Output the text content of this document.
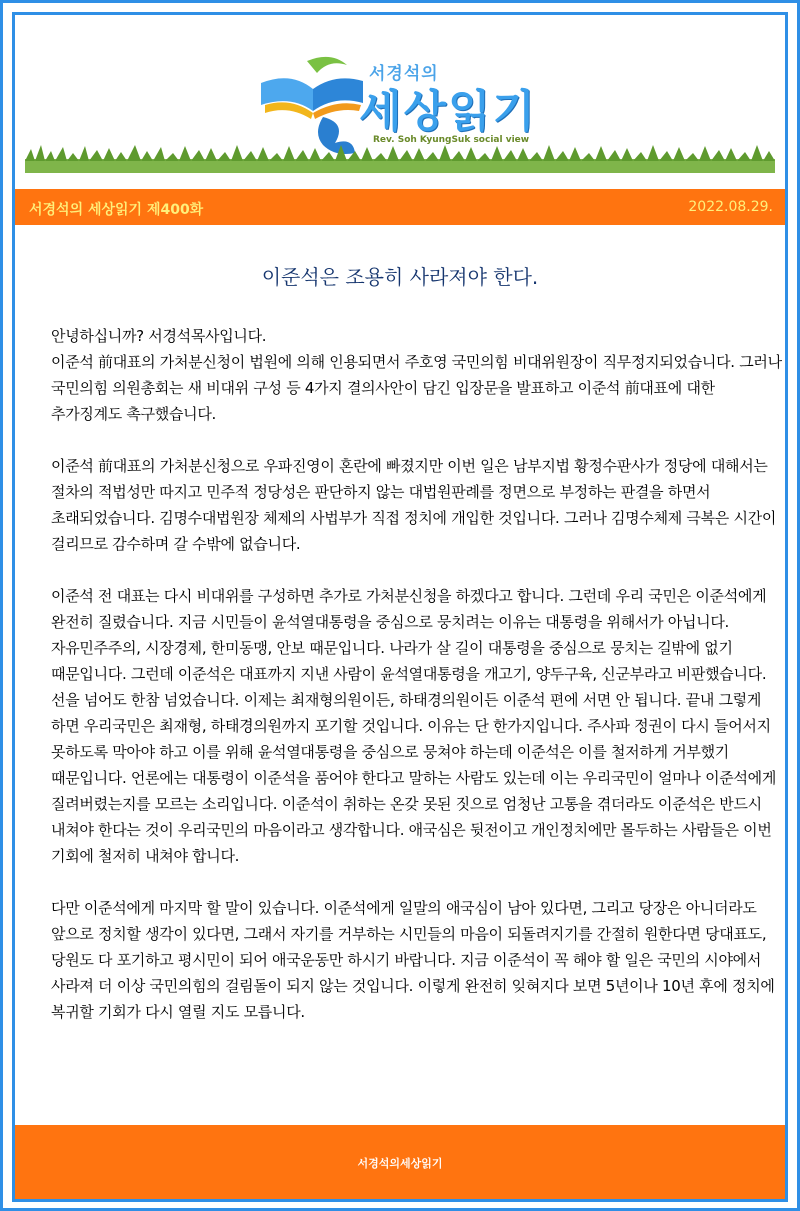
서경석의
세상읽기
Rev. Soh KyungSuk social view
서경석의 세상읽기 제400화	2022.08.29.
이준석은 조용히 사라져야 한다.

안녕하십니까? 서경석목사입니다.
이준석 前대표의 가처분신청이 법원에 의해 인용되면서 주호영 국민의힘 비대위원장이 직무정지되었습니다. 그러나 국민의힘 의원총회는 새 비대위 구성 등 4가지 결의사안이 담긴 입장문을 발표하고 이준석 前대표에 대한 추가징계도 촉구했습니다.

이준석 前대표의 가처분신청으로 우파진영이 혼란에 빠졌지만 이번 일은 남부지법 황정수판사가 정당에 대해서는 절차의 적법성만 따지고 민주적 정당성은 판단하지 않는 대법원판례를 정면으로 부정하는 판결을 하면서 초래되었습니다. 김명수대법원장 체제의 사법부가 직접 정치에 개입한 것입니다. 그러나 김명수체제 극복은 시간이 걸리므로 감수하며 갈 수밖에 없습니다.

이준석 전 대표는 다시 비대위를 구성하면 추가로 가처분신청을 하겠다고 합니다. 그런데 우리 국민은 이준석에게 완전히 질렸습니다. 지금 시민들이 윤석열대통령을 중심으로 뭉치려는 이유는 대통령을 위해서가 아닙니다. 자유민주주의, 시장경제, 한미동맹, 안보 때문입니다. 나라가 살 길이 대통령을 중심으로 뭉치는 길밖에 없기 때문입니다. 그런데 이준석은 대표까지 지낸 사람이 윤석열대통령을 개고기, 양두구육, 신군부라고 비판했습니다. 선을 넘어도 한참 넘었습니다. 이제는 최재형의원이든, 하태경의원이든 이준석 편에 서면 안 됩니다. 끝내 그렇게 하면 우리국민은 최재형, 하태경의원까지 포기할 것입니다. 이유는 단 한가지입니다. 주사파 정권이 다시 들어서지 못하도록 막아야 하고 이를 위해 윤석열대통령을 중심으로 뭉쳐야 하는데 이준석은 이를 철저하게 거부했기 때문입니다. 언론에는 대통령이 이준석을 품어야 한다고 말하는 사람도 있는데 이는 우리국민이 얼마나 이준석에게 질려버렸는지를 모르는 소리입니다. 이준석이 취하는 온갖 못된 짓으로 엄청난 고통을 겪더라도 이준석은 반드시 내쳐야 한다는 것이 우리국민의 마음이라고 생각합니다. 애국심은 뒷전이고 개인정치에만 몰두하는 사람들은 이번 기회에 철저히 내쳐야 합니다.

다만 이준석에게 마지막 할 말이 있습니다. 이준석에게 일말의 애국심이 남아 있다면, 그리고 당장은 아니더라도 앞으로 정치할 생각이 있다면, 그래서 자기를 거부하는 시민들의 마음이 되돌려지기를 간절히 원한다면 당대표도, 당원도 다 포기하고 평시민이 되어 애국운동만 하시기 바랍니다. 지금 이준석이 꼭 해야 할 일은 국민의 시야에서 사라져 더 이상 국민의힘의 걸림돌이 되지 않는 것입니다. 이렇게 완전히 잊혀지다 보면 5년이나 10년 후에 정치에 복귀할 기회가 다시 열릴 지도 모릅니다.

서경석의세상읽기
